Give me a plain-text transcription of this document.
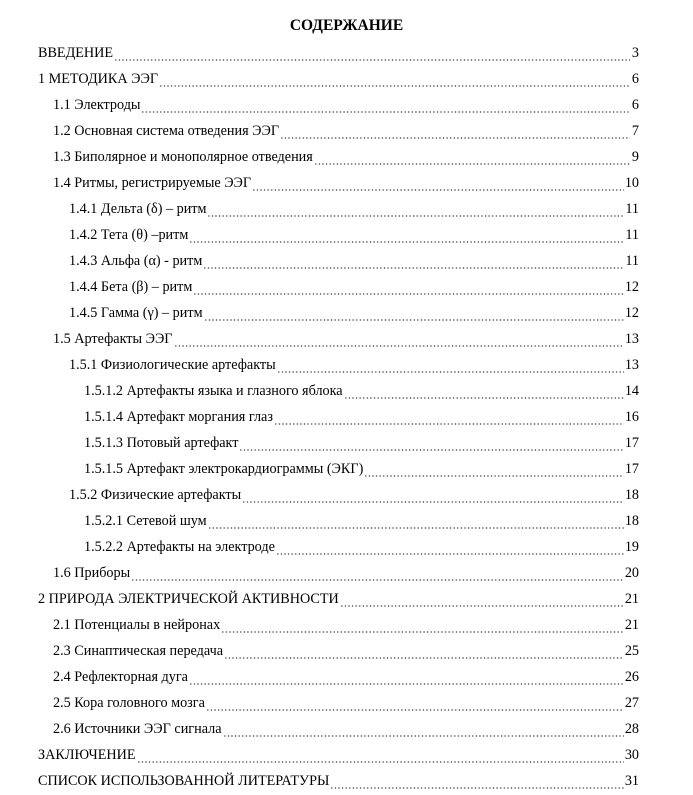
СОДЕРЖАНИЕ
ВВЕДЕНИЕ	3
1 МЕТОДИКА ЭЭГ	6
1.1 Электроды	6
1.2 Основная система отведения ЭЭГ	7
1.3 Биполярное и монополярное отведения	9
1.4 Ритмы, регистрируемые ЭЭГ	10
1.4.1 Дельта (δ) – ритм	11
1.4.2 Тета (θ) –ритм	11
1.4.3 Альфа (α) - ритм	11
1.4.4 Бета (β) – ритм	12
1.4.5 Гамма (γ) – ритм	12
1.5 Артефакты ЭЭГ	13
1.5.1 Физиологические артефакты	13
1.5.1.2 Артефакты языка и глазного яблока	14
1.5.1.4 Артефакт моргания глаз	16
1.5.1.3 Потовый артефакт	17
1.5.1.5 Артефакт электрокардиограммы (ЭКГ)	17
1.5.2 Физические артефакты	18
1.5.2.1 Сетевой шум	18
1.5.2.2 Артефакты на электроде	19
1.6 Приборы	20
2 ПРИРОДА ЭЛЕКТРИЧЕСКОЙ АКТИВНОСТИ	21
2.1 Потенциалы в нейронах	21
2.3 Синаптическая передача	25
2.4 Рефлекторная дуга	26
2.5 Кора головного мозга	27
2.6 Источники ЭЭГ сигнала	28
ЗАКЛЮЧЕНИЕ	30
СПИСОК ИСПОЛЬЗОВАННОЙ ЛИТЕРАТУРЫ	31
